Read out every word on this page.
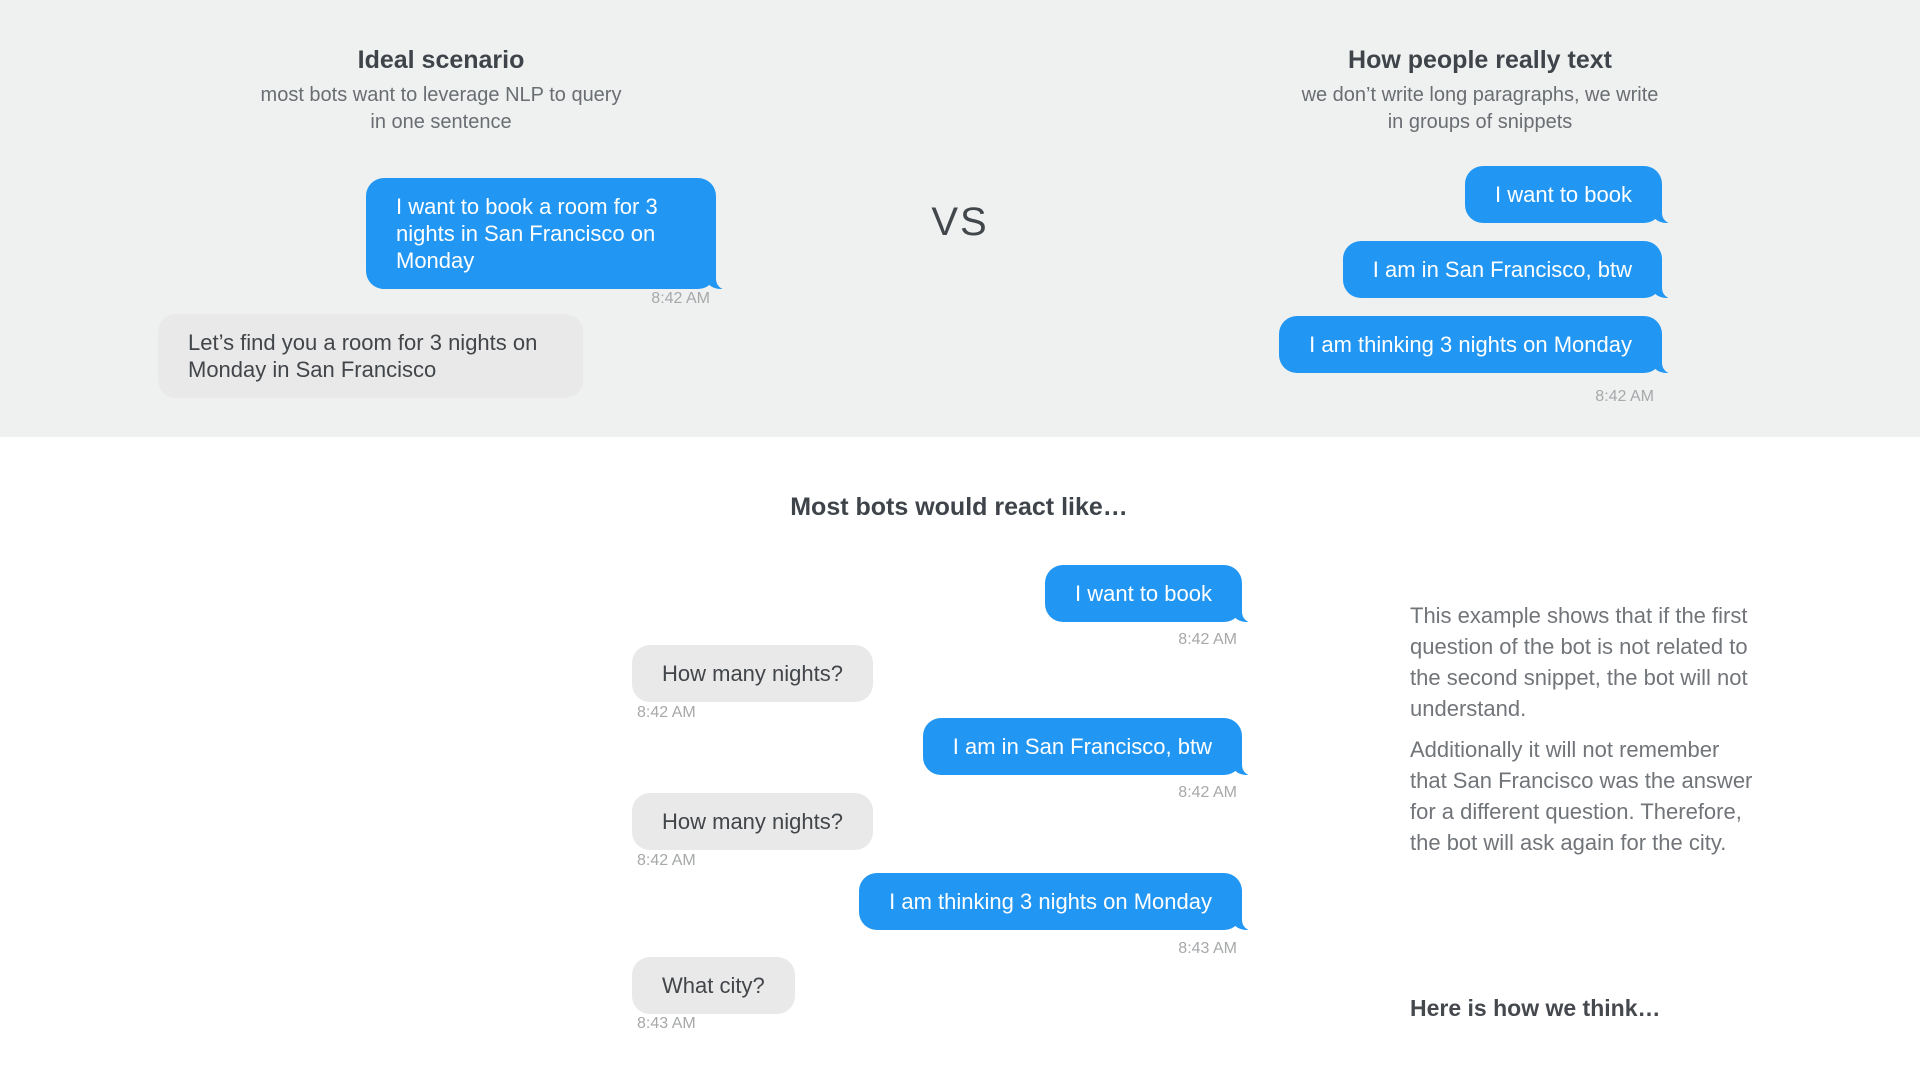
Ideal scenario
most bots want to leverage NLP to query
in one sentence
I want to book a room for 3 nights in San Francisco on Monday
8:42 AM
Let’s find you a room for 3 nights on Monday in San Francisco
VS
How people really text
we don’t write long paragraphs, we write
in groups of snippets
I want to book
I am in San Francisco, btw
I am thinking 3 nights on Monday
8:42 AM
Most bots would react like…
I want to book
8:42 AM
How many nights?
8:42 AM
I am in San Francisco, btw
8:42 AM
How many nights?
8:42 AM
I am thinking 3 nights on Monday
8:43 AM
What city?
8:43 AM

This example shows that if the first question of the bot is not related to the second snippet, the bot will not understand.

Additionally it will not remember that San Francisco was the answer for a different question. Therefore, the bot will ask again for the city.

Here is how we think…
